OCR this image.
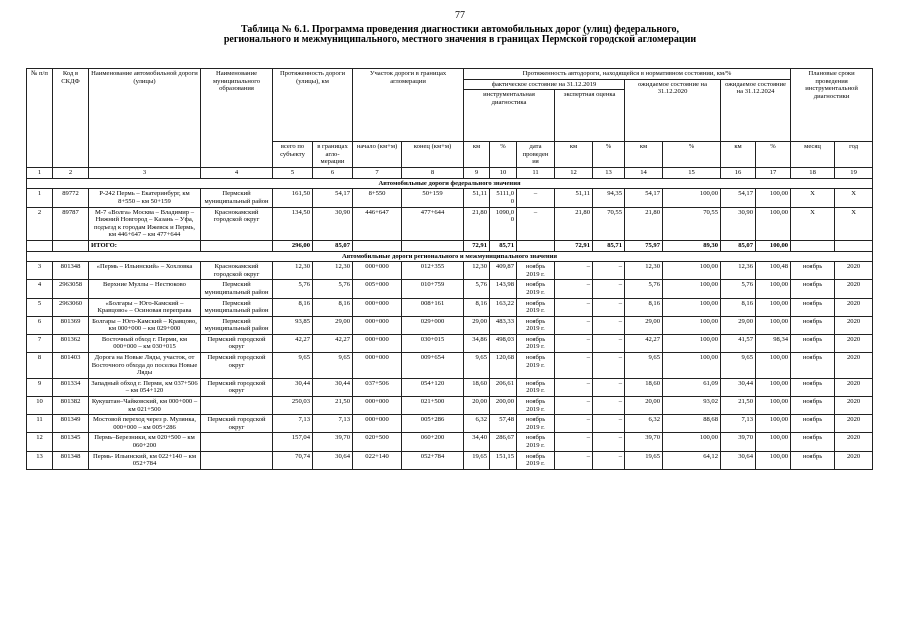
77
Таблица № 6.1. Программа проведения диагностики автомобильных дорог (улиц) федерального,
регионального и межмуниципального, местного значения в границах Пермской городской агломерации
№ п/п	Код в СКДФ	Наименование автомобильной дороги (улицы)	Наименование муниципального образования	Протяженность дороги (улицы), км		Участок дороги в границах агломерации		Протяженность автодороги, находящейся в нормативном состоянии, км/%									Плановые сроки проведения инструментальной диагностики	
								фактическое состояние на 31.12.2019					ожидаемое состояние на 31.12.2020		ожидаемое состояние на 31.12.2024			
								инструментальная диагностика			экспертная оценка							
				всего по субъекту	в границах агло-мерации	начало (км+м)	конец (км+м)	км	%	дата проведен ия	км	%	км	%	км	%	месяц	год
1	2	3	4	5	6	7	8	9	10	11	12	13	14	15	16	17	18	19
Автомобильные дороги федерального значения																		
1	89772	Р-242 Пермь – Екатеринбург, км 8+550 – км 50+159	Пермский муниципальный район	161,50	54,17	8+550	50+159	51,11	5111,0 0	–	51,11	94,35	54,17	100,00	54,17	100,00	X	X
2	89787	М-7 «Волга» Москва – Владимир – Нижний Новгород – Казань – Уфа, подъезд к городам Ижевск и Пермь, км 446+647 – км 477+644	Краснокамский городской округ	134,50	30,90	446+647	477+644	21,80	1090,0 0	–	21,80	70,55	21,80	70,55	30,90	100,00	X	X
		ИТОГО:		296,00	85,07			72,91	85,71		72,91	85,71	75,97	89,30	85,07	100,00		
Автомобильные дороги регионального и межмуниципального значения																		
3	801348	«Пермь – Ильинский» – Хохловка	Краснокамский городской округ	12,30	12,30	000+000	012+355	12,30	409,87	ноябрь 2019 г.	–	–	12,30	100,00	12,36	100,48	ноябрь	2020
4	2963058	Верхние Муллы – Нестюково	Пермский муниципальный район	5,76	5,76	005+000	010+759	5,76	143,98	ноябрь 2019 г.	–	–	5,76	100,00	5,76	100,00	ноябрь	2020
5	2963060	«Болгары – Юго-Камский – Кравцово» – Осиновая переправа	Пермский муниципальный район	8,16	8,16	000+000	008+161	8,16	163,22	ноябрь 2019 г.	–	–	8,16	100,00	8,16	100,00	ноябрь	2020
6	801369	Болгары – Юго-Камский – Кравцово, км 000+000 – км 029+000	Пермский муниципальный район	93,85	29,00	000+000	029+000	29,00	483,33	ноябрь 2019 г.	–	–	29,00	100,00	29,00	100,00	ноябрь	2020
7	801362	Восточный обход г. Перми, км 000+000 – км 030+015	Пермский городской округ	42,27	42,27	000+000	030+015	34,86	498,03	ноябрь 2019 г.	–	–	42,27	100,00	41,57	98,34	ноябрь	2020
8	801403	Дорога на Новые Ляды, участок, от Восточного обхода до поселка Новые Ляды	Пермский городской округ	9,65	9,65	000+000	009+654	9,65	120,68	ноябрь 2019 г.	–	–	9,65	100,00	9,65	100,00	ноябрь	2020
9	801334	Западный обход г. Перми, км 037+506 – км 054+120	Пермский городской округ	30,44	30,44	037+506	054+120	18,60	206,61	ноябрь 2019 г.	–	–	18,60	61,09	30,44	100,00	ноябрь	2020
10	801382	Кукуштан–Чайковский, км 000+000 – км 021+500		250,03	21,50	000+000	021+500	20,00	200,00	ноябрь 2019 г.	–	–	20,00	93,02	21,50	100,00	ноябрь	2020
11	801349	Мостовой переход через р. Мулянка, 000+000 – км 005+286	Пермский городской округ	7,13	7,13	000+000	005+286	6,32	57,48	ноябрь 2019 г.	–	–	6,32	88,68	7,13	100,00	ноябрь	2020
12	801345	Пермь–Березники, км 020+500 – км 060+200		157,04	39,70	020+500	060+200	34,40	286,67	ноябрь 2019 г.	–	–	39,70	100,00	39,70	100,00	ноябрь	2020
13	801348	Пермь- Ильинский, км 022+140 – км 052+784		70,74	30,64	022+140	052+784	19,65	151,15	ноябрь 2019 г.	–	–	19,65	64,12	30,64	100,00	ноябрь	2020
